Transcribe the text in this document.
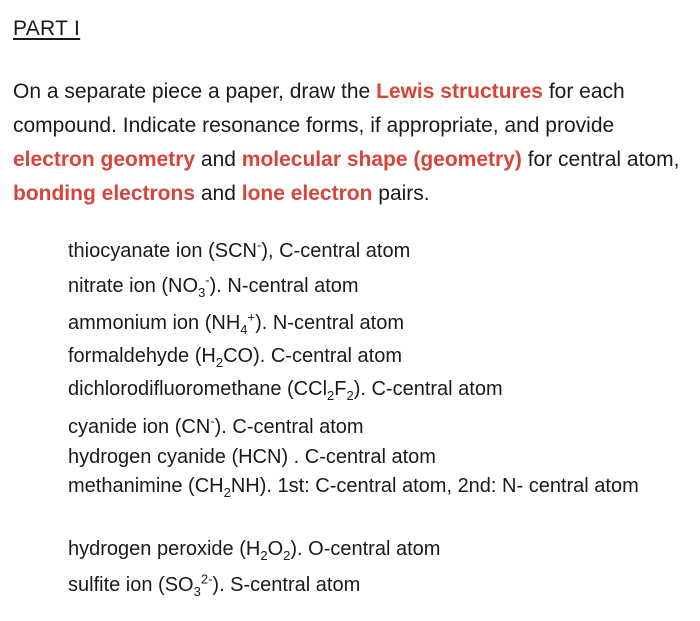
PART I
On a separate piece a paper, draw the Lewis structures for each compound. Indicate resonance forms, if appropriate, and provide electron geometry and molecular shape (geometry) for central atom, bonding electrons and lone electron pairs.
thiocyanate ion (SCN-), C-central atom
nitrate ion $(NO_3^-)$. N-central atom
ammonium ion $(NH_4^+)$. N-central atom
formaldehyde $(H_2CO)$. C-central atom
dichlorodifluoromethane $(CCl_2F_2)$. C-central atom
cyanide ion (CN-). C-central atom
hydrogen cyanide (HCN) . C-central atom
methanimine $(CH_2NH)$. 1st: C-central atom, 2nd: N- central atom
hydrogen peroxide $(H_2O_2)$. O-central atom
sulfite ion $(SO_3^{2-})$. S-central atom
